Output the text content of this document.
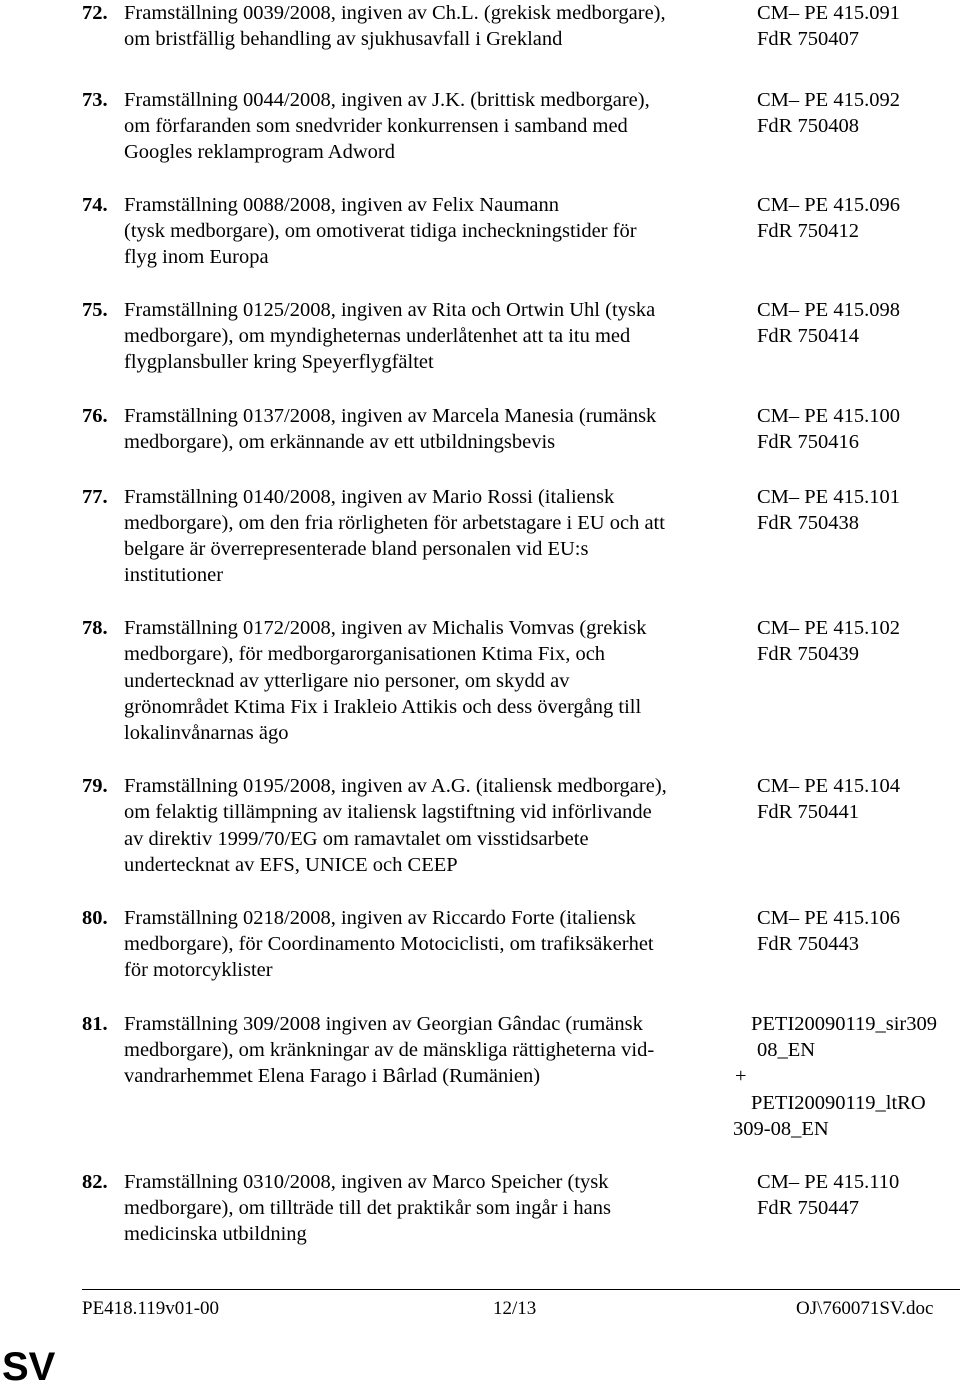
72. Framställning 0039/2008, ingiven av Ch.L. (grekisk medborgare),
om bristfällig behandling av sjukhusavfall i Grekland
CM– PE 415.091
FdR 750407
73. Framställning 0044/2008, ingiven av J.K. (brittisk medborgare),
om förfaranden som snedvrider konkurrensen i samband med
Googles reklamprogram Adword
CM– PE 415.092
FdR 750408
74. Framställning 0088/2008, ingiven av Felix Naumann
(tysk medborgare), om omotiverat tidiga incheckningstider för
flyg inom Europa
CM– PE 415.096
FdR 750412
75. Framställning 0125/2008, ingiven av Rita och Ortwin Uhl (tyska
medborgare), om myndigheternas underlåtenhet att ta itu med
flygplansbuller kring Speyerflygfältet
CM– PE 415.098
FdR 750414
76. Framställning 0137/2008, ingiven av Marcela Manesia (rumänsk
medborgare), om erkännande av ett utbildningsbevis
CM– PE 415.100
FdR 750416
77. Framställning 0140/2008, ingiven av Mario Rossi (italiensk
medborgare), om den fria rörligheten för arbetstagare i EU och att
belgare är överrepresenterade bland personalen vid EU:s
institutioner
CM– PE 415.101
FdR 750438
78. Framställning 0172/2008, ingiven av Michalis Vomvas (grekisk
medborgare), för medborgarorganisationen Ktima Fix, och
undertecknad av ytterligare nio personer, om skydd av
grönområdet Ktima Fix i Irakleio Attikis och dess övergång till
lokalinvånarnas ägo
CM– PE 415.102
FdR 750439
79. Framställning 0195/2008, ingiven av A.G. (italiensk medborgare),
om felaktig tillämpning av italiensk lagstiftning vid införlivande
av direktiv 1999/70/EG om ramavtalet om visstidsarbete
undertecknat av EFS, UNICE och CEEP
CM– PE 415.104
FdR 750441
80. Framställning 0218/2008, ingiven av Riccardo Forte (italiensk
medborgare), för Coordinamento Motociclisti, om trafiksäkerhet
för motorcyklister
CM– PE 415.106
FdR 750443
81. Framställning 309/2008 ingiven av Georgian Gândac (rumänsk
medborgare), om kränkningar av de mänskliga rättigheterna vid-
vandrarhemmet Elena Farago i Bârlad (Rumänien)
PETI20090119_sir309
08_EN
+
PETI20090119_ltRO
309-08_EN
82. Framställning 0310/2008, ingiven av Marco Speicher (tysk
medborgare), om tillträde till det praktikår som ingår i hans
medicinska utbildning
CM– PE 415.110
FdR 750447
PE418.119v01-00	12/13	OJ\760071SV.doc
SV
